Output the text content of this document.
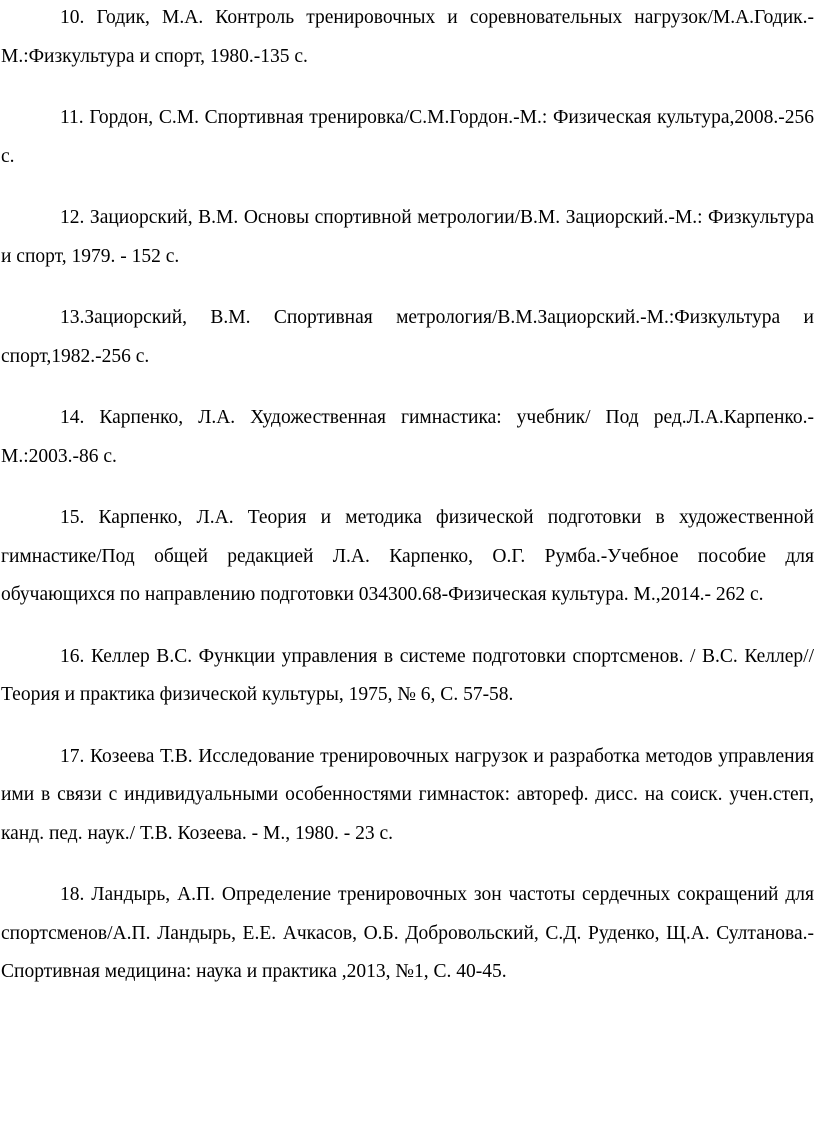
10. Годик, М.А. Контроль тренировочных и соревновательных нагрузок/М.А.Годик.-М.:Физкультура и спорт, 1980.-135 с.

11. Гордон, С.М. Спортивная тренировка/С.М.Гордон.-М.: Физическая культура,2008.-256 с.

12. Зациорский, В.М. Основы спортивной метрологии/В.М. Зациорский.-М.: Физкультура и спорт, 1979. - 152 с.

13.Зациорский, В.М. Спортивная метрология/В.М.Зациорский.-М.:Физкультура и спорт,1982.-256 с.

14. Карпенко, Л.А. Художественная гимнастика: учебник/ Под ред.Л.А.Карпенко.-М.:2003.-86 с.

15. Карпенко, Л.А. Теория и методика физической подготовки в художественной гимнастике/Под общей редакцией Л.А. Карпенко, О.Г. Румба.-Учебное пособие для обучающихся по направлению подготовки 034300.68-Физическая культура. М.,2014.- 262 с.

16. Келлер В.С. Функции управления в системе подготовки спортсменов. / В.С. Келлер//Теория и практика физической культуры, 1975, № 6, С. 57-58.

17. Козеева Т.В. Исследование тренировочных нагрузок и разработка методов управления ими в связи с индивидуальными особенностями гимнасток: автореф. дисс. на соиск. учен.степ, канд. пед. наук./ Т.В. Козеева. - М., 1980. - 23 с.

18. Ландырь, А.П. Определение тренировочных зон частоты сердечных сокращений для спортсменов/А.П. Ландырь, Е.Е. Ачкасов, О.Б. Добровольский, С.Д. Руденко, Щ.А. Султанова.- Спортивная медицина: наука и практика ,2013, №1, С. 40-45.
